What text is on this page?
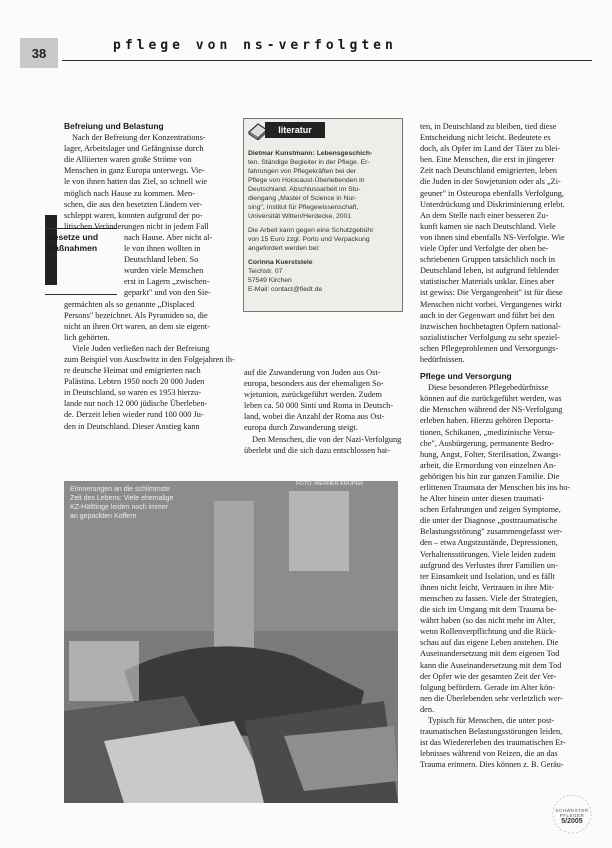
38	pflege von ns-verfolgten
Gesetze und
Maßnahmen

Befreiung und Belastung

Nach der Befreiung der Konzentrations-

lager, Arbeitslager und Gefängnisse durch

die Alliierten waren große Ströme von

Menschen in ganz Europa unterwegs. Vie-

le von ihnen hatten das Ziel, so schnell wie

möglich nach Hause zu kommen. Men-

schen, die aus den besetzten Ländern ver-

schleppt waren, konnten aufgrund der po-

litischen Veränderungen nicht in jedem Fall

nach Hause. Aber nicht al-

le von ihnen wollten in

Deutschland leben. So

wurden viele Menschen

erst in Lagern „zwischen-

geparkt" und von den Sie-

germächten als so genannte „Displaced

Persons" bezeichnet. Als Pyramiden so, die

nicht an ihren Ort waren, an dem sie eigent-

lich gehörten.

Viele Juden verließen nach der Befreiung

zum Beispiel von Auschwitz in den Folgejahren ih-

re deutsche Heimat und emigrierten nach

Palästina. Lebten 1950 noch 20 000 Juden

in Deutschland, so waren es 1953 hierzu-

lande nur noch 12 000 jüdische Überleben-

de. Derzeit leben wieder rund 100 000 Ju-

den in Deutschland. Dieser Anstieg kann

literatur
Dietmar Kunstmann: Lebensgeschich-
ten. Ständige Begleiter in der Pflege. Er-
fahrungen von Pflegekräften bei der
Pflege von Holocaust-Überlebenden in
Deutschland. Abschlussarbeit im Stu-
diengang „Master of Science in Nur-
sing", Institut für Pflegewissenschaft,
Universität Witten/Herdecke, 2001
Die Arbeit kann gegen eine Schutzgebühr
von 15 Euro zzgl. Porto und Verpackung
angefordert werden bei:
Corinna Kuerststele
Teichstr. 07
57549 Kirchen
E-Mail: contact@fiedt.de

auf die Zuwanderung von Juden aus Ost-

europa, besonders aus der ehemaligen So-

wjetunion, zurückgeführt werden. Zudem

leben ca. 50 000 Sinti und Roma in Deutsch-

land, wobei die Anzahl der Roma aus Ost-

europa durch Zuwanderung steigt.

Den Menschen, die von der Nazi-Verfolgung

überlebt und die sich dazu entschlossen hat-

ten, in Deutschland zu bleiben, tied diese

Entscheidung nicht leicht. Bedeutete es

doch, als Opfer im Land der Täter zu blei-

ben. Eine Menschen, die erst in jüngerer

Zeit nach Deutschland emigrierten, leben

die Juden in der Sowjetunion oder als „Zi-

geuner" in Osteuropa ebenfalls Verfolgung,

Unterdrückung und Diskriminierung erlebt.

An dem Stelle nach einer besseren Zu-

kunft kamen sie nach Deutschland. Viele

von ihnen sind ebenfalls NS-Verfolgte. Wie

viele Opfer und Verfolgte der oben be-

schriebenen Gruppen tatsächlich noch in

Deutschland leben, ist aufgrund fehlender

statistischer Materials unklar. Eines aber

ist gewiss: Die Vergangenheit" ist für diese

Menschen nicht vorbei. Vergangenes wirkt

auch in der Gegenwart und führt bei den

inzwischen hochbetagten Opfern national-

sozialistischer Verfolgung zu sehr speziel-

schen Pflegeproblemen und Versorgungs-

bedürfnissen.

Pflege und Versorgung

Diese besonderen Pflegebedürfnisse

können auf die zurückgeführt werden, was

die Menschen während der NS-Verfolgung

erleben haben. Hierzu gehören Deporta-

tionen, Schikanen, „medizinische Versu-

che", Ausbürgerung, permanente Bedro-

hung, Angst, Folter, Sterilisation, Zwangs-

arbeit, die Ermordung von einzelnen An-

gehörigen bis hin zur ganzen Familie. Die

erlittenen Traumata der Menschen bis ins ho-

he Alter hinein unter diesen traumati-

schen Erfahrungen und zeigen Symptome,

die unter der Diagnose „posttraumatische

Belastungsstörung" zusammengefasst wer-

den – etwa Angstzustände, Depressionen,

Verhaltensstörungen. Viele leiden zudem

aufgrund des Verlustes ihrer Familien un-

ter Einsamkeit und Isolation, und es fällt

ihnen nicht leicht, Vertrauen in ihre Mit-

menschen zu fassen. Viele der Strategien,

die sich im Umgang mit dem Trauma be-

währt haben (so das nicht mehr im Alter,

wenn Rollenverpflichtung und die Rück-

schau auf das eigene Leben anstehen. Die

Auseinandersetzung mit dem eigenen Tod

kann die Auseinandersetzung mit dem Tod

der Opfer wie der gesamten Zeit der Ver-

folgung befördern. Gerade im Alter kön-

nen die Überlebenden sehr verletzlich wer-

den.

Typisch für Menschen, die unter post-

traumatischen Belastungsstörungen leiden,

ist das Wiedererleben des traumatischen Er-

lebnisses während von Reizen, die an das

Trauma erinnern. Dies können z. B. Geräu-

Erinnerungen an die schlimmste
Zeit des Lebens: Viele ehemalige
KZ-Häftlinge leiden noch immer
an gepackten Koffern
FOTO: WERNER KRÜPER
SCHWESTER PFLEGER
5/2005
